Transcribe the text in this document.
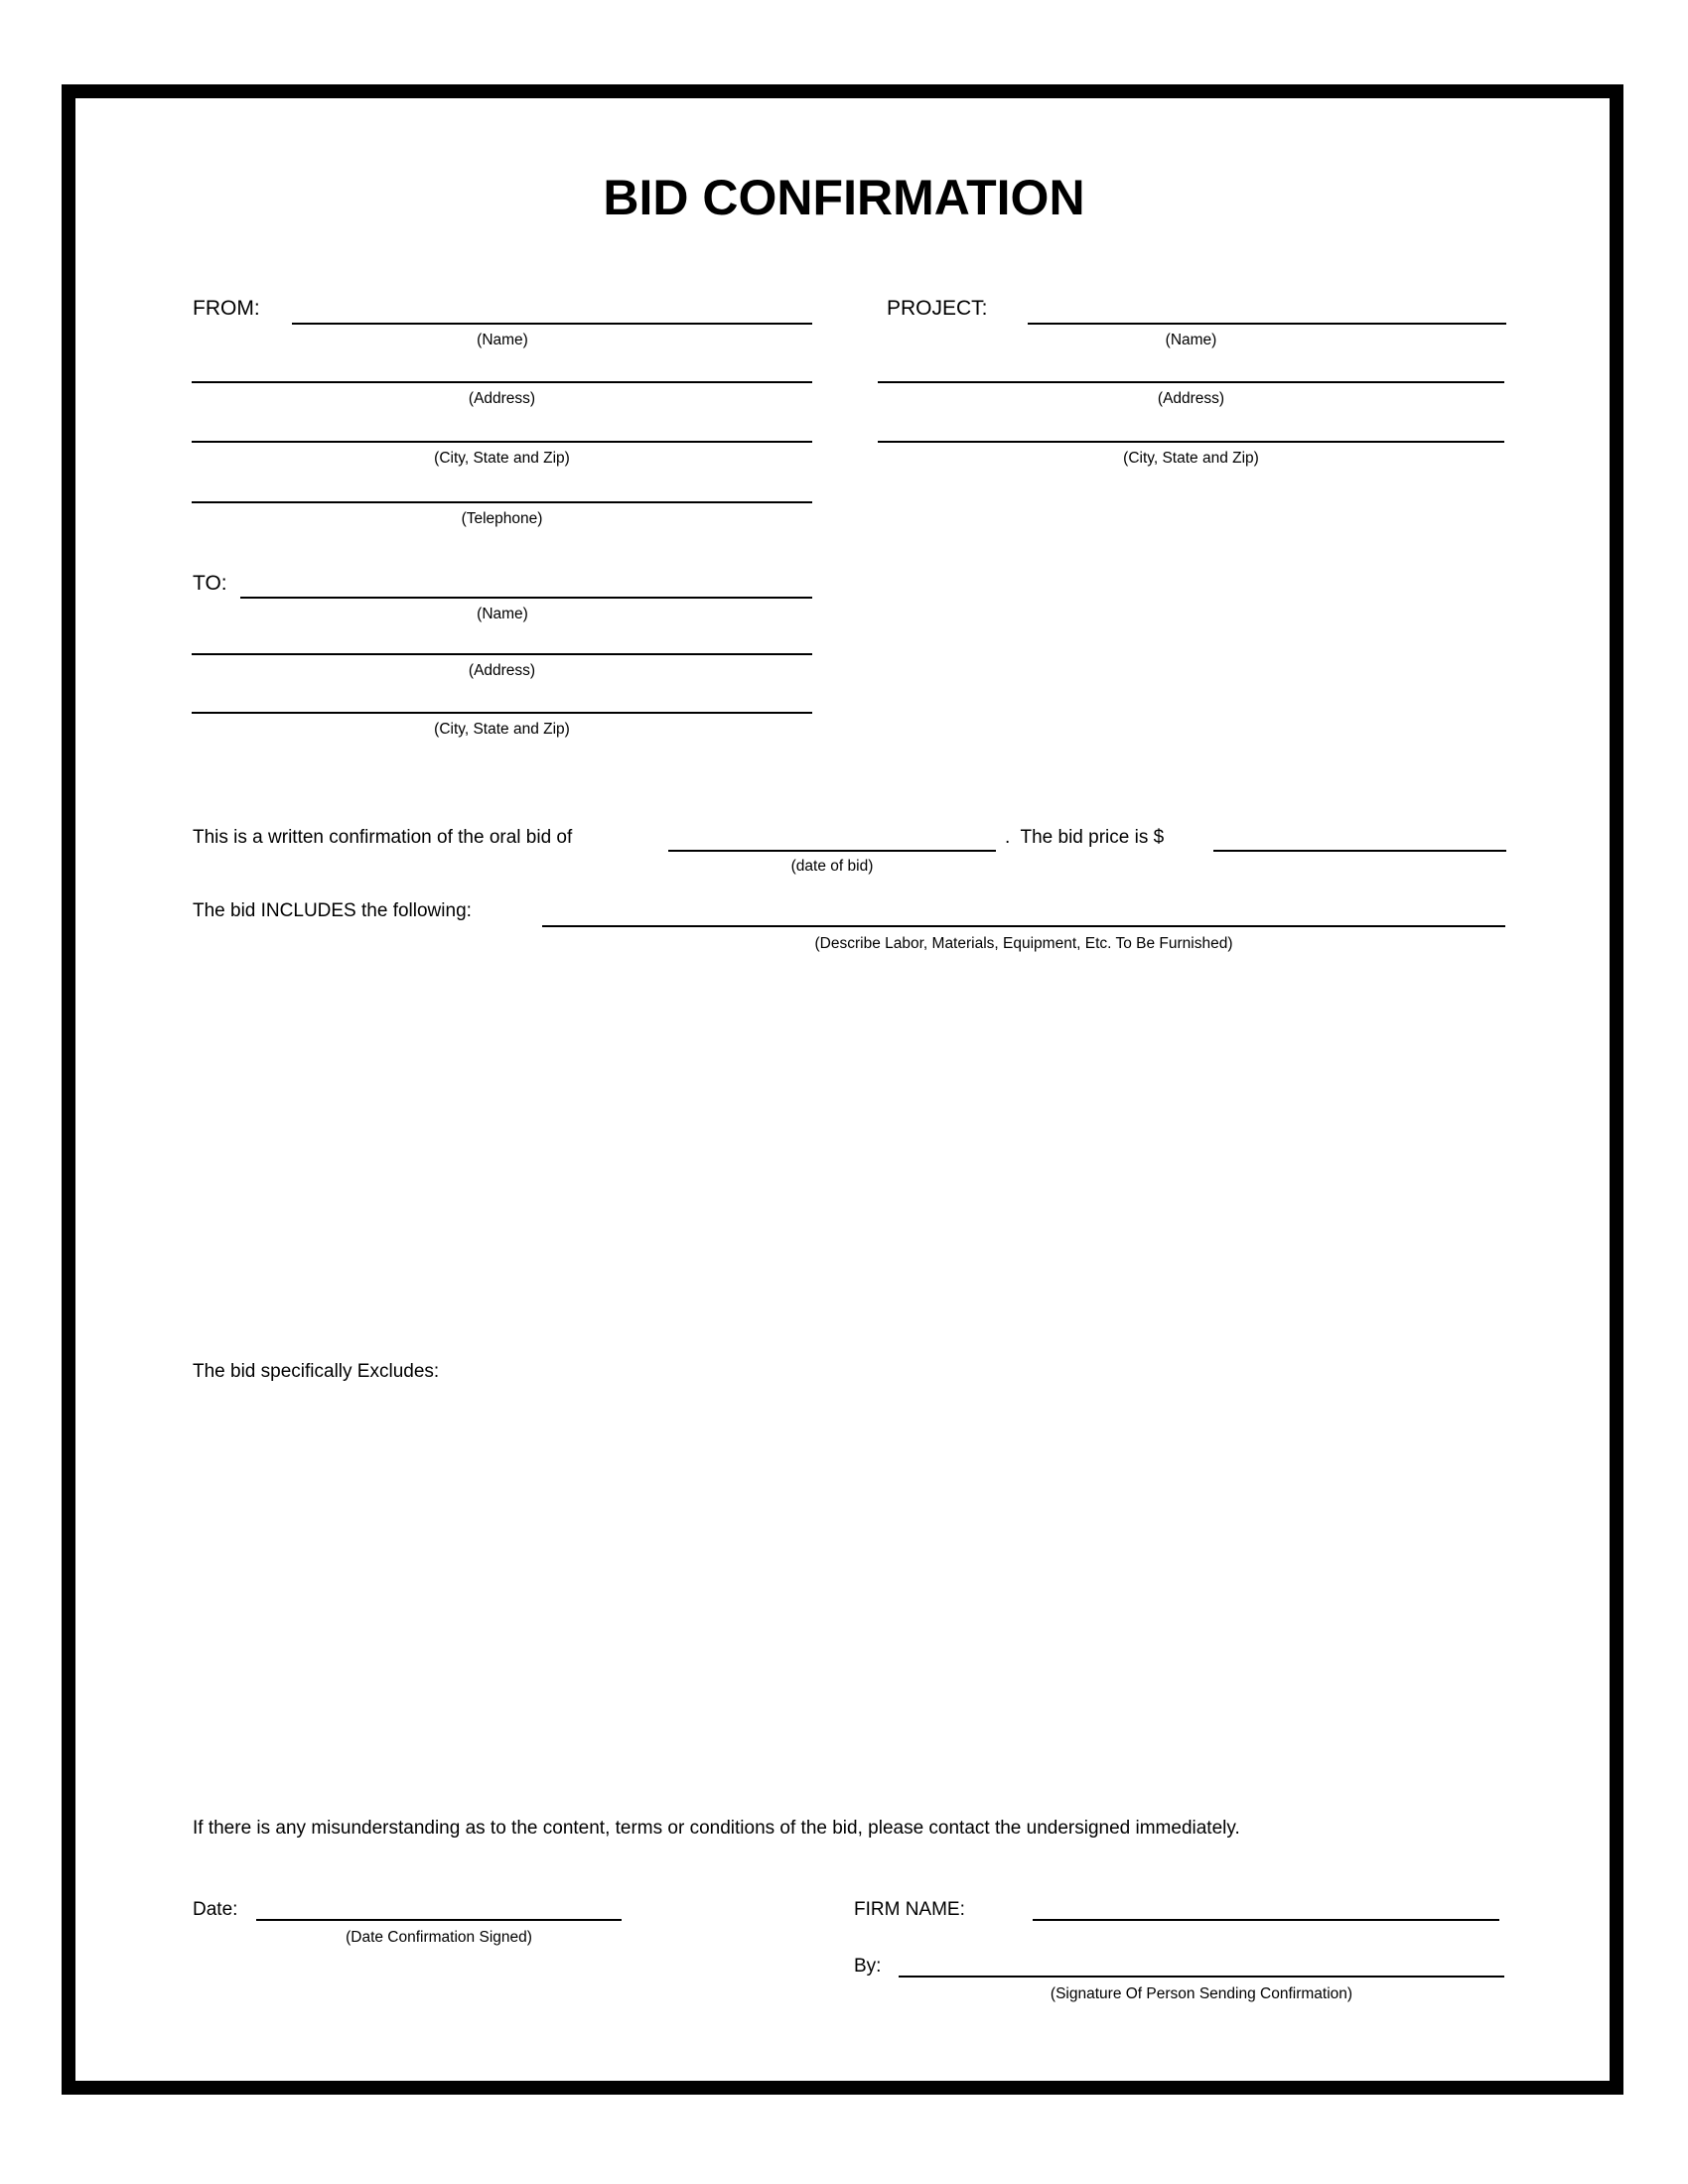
BID CONFIRMATION
FROM:
(Name)
(Address)
(City, State and Zip)
(Telephone)
PROJECT:
(Name)
(Address)
(City, State and Zip)
TO:
(Name)
(Address)
(City, State and Zip)
This is a written confirmation of the oral bid of
(date of bid)
.  The bid price is $
The bid INCLUDES the following:
(Describe Labor, Materials, Equipment, Etc. To Be Furnished)
The bid specifically Excludes:
If there is any misunderstanding as to the content, terms or conditions of the bid, please contact the undersigned immediately.
Date:
(Date Confirmation Signed)
FIRM NAME:
By:
(Signature Of Person Sending Confirmation)
